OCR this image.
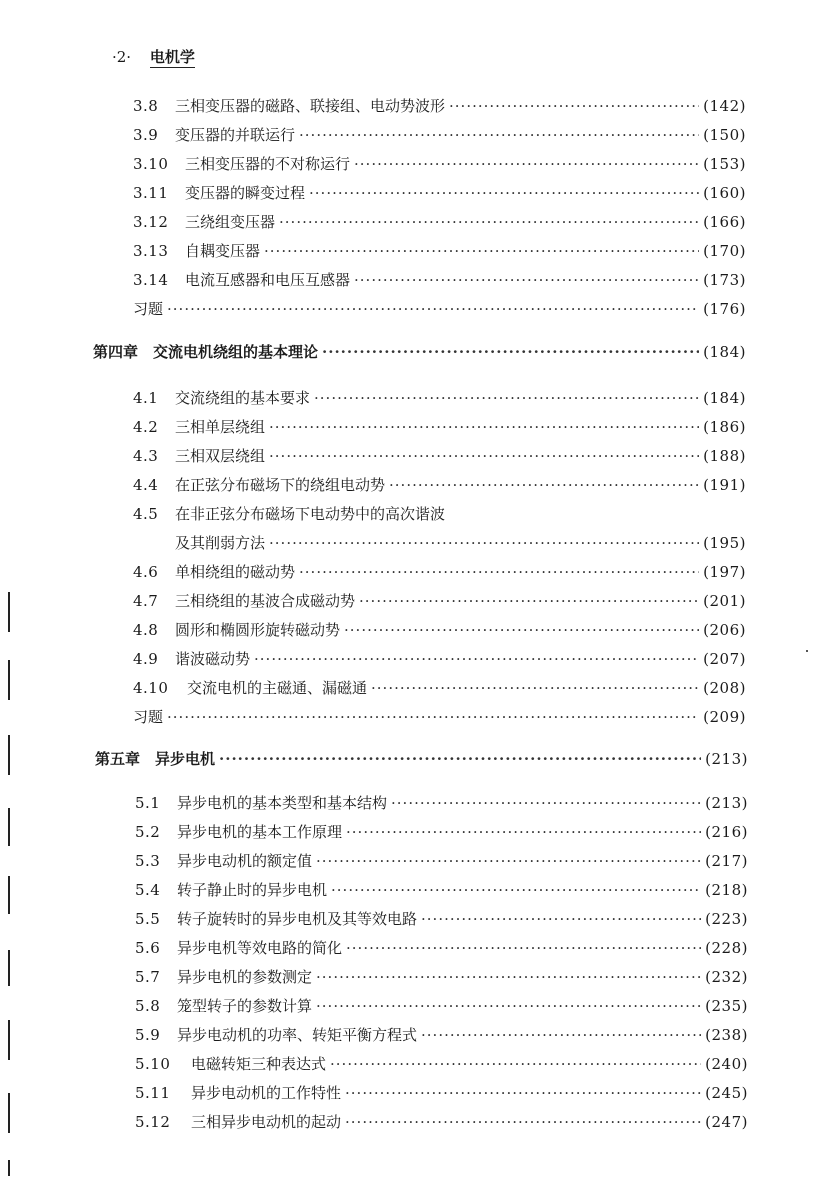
·2· 电机学
3.8	三相变压器的磁路、联接组、电动势波形 ·····	(142)
3.9	变压器的并联运行 ·····	(150)
3.10	三相变压器的不对称运行 ·····	(153)
3.11	变压器的瞬变过程 ·····	(160)
3.12	三绕组变压器 ·····	(166)
3.13	自耦变压器 ·····	(170)
3.14	电流互感器和电压互感器 ·····	(173)
习题 ·····	(176)
第四章　交流电机绕组的基本理论 ·····	(184)
4.1	交流绕组的基本要求 ·····	(184)
4.2	三相单层绕组 ·····	(186)
4.3	三相双层绕组 ·····	(188)
4.4	在正弦分布磁场下的绕组电动势 ·····	(191)
4.5	在非正弦分布磁场下电动势中的高次谐波
及其削弱方法 ·····	(195)
4.6	单相绕组的磁动势 ·····	(197)
4.7	三相绕组的基波合成磁动势 ·····	(201)
4.8	圆形和椭圆形旋转磁动势 ·····	(206)
4.9	谐波磁动势 ·····	(207)
4.10	交流电机的主磁通、漏磁通 ·····	(208)
习题 ·····	(209)
第五章　异步电机 ·····	(213)
5.1	异步电机的基本类型和基本结构 ·····	(213)
5.2	异步电机的基本工作原理 ·····	(216)
5.3	异步电动机的额定值 ·····	(217)
5.4	转子静止时的异步电机 ·····	(218)
5.5	转子旋转时的异步电机及其等效电路 ·····	(223)
5.6	异步电机等效电路的简化 ·····	(228)
5.7	异步电机的参数测定 ·····	(232)
5.8	笼型转子的参数计算 ·····	(235)
5.9	异步电动机的功率、转矩平衡方程式 ·····	(238)
5.10	电磁转矩三种表达式 ·····	(240)
5.11	异步电动机的工作特性 ·····	(245)
5.12	三相异步电动机的起动 ·····	(247)
